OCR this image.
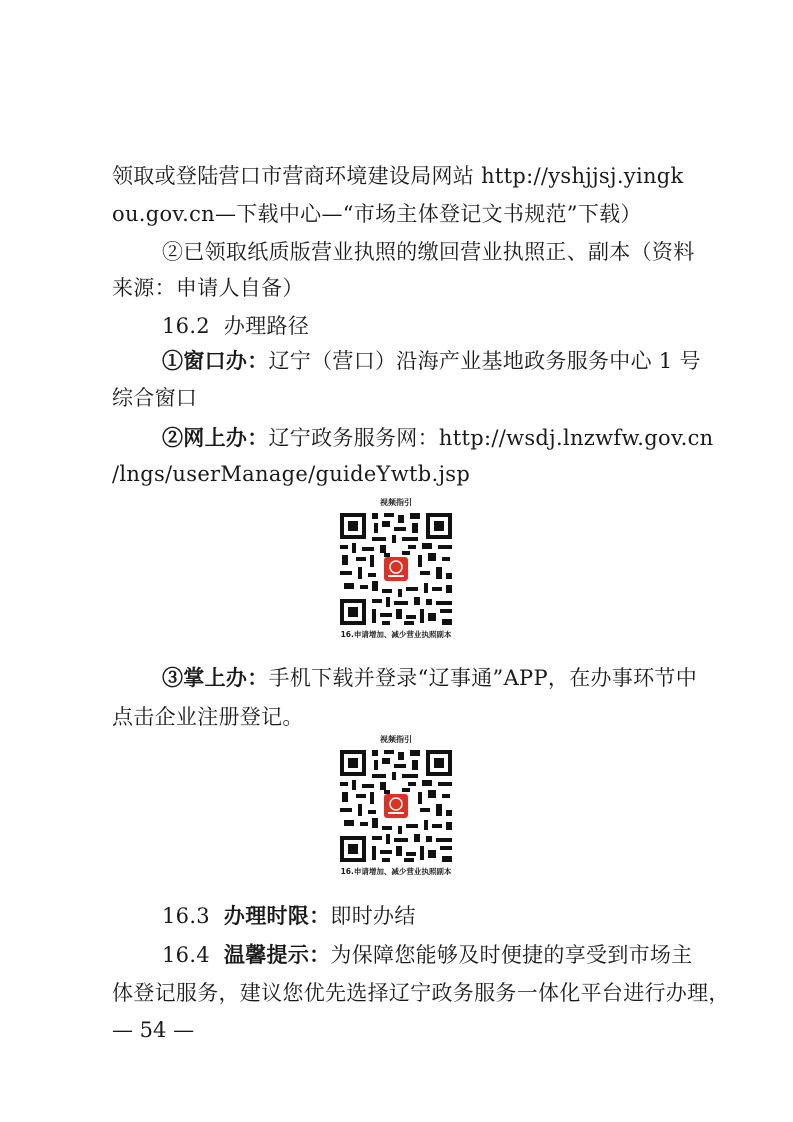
领取或登陆营口市营商环境建设局网站 http://yshjjsj.yingk
ou.gov.cn—下载中心—“市场主体登记文书规范”下载）
②已领取纸质版营业执照的缴回营业执照正、副本（资料
来源：申请人自备）
16.2 办理路径
①窗口办：辽宁（营口）沿海产业基地政务服务中心 1 号
综合窗口
②网上办：辽宁政务服务网：http://wsdj.lnzwfw.gov.cn
/lngs/userManage/guideYwtb.jsp
视频指引
16.申请增加、减少营业执照副本
③掌上办：手机下载并登录“辽事通”APP，在办事环节中
点击企业注册登记。
视频指引
16.申请增加、减少营业执照副本
16.3 办理时限：即时办结
16.4 温馨提示：为保障您能够及时便捷的享受到市场主
体登记服务，建议您优先选择辽宁政务服务一体化平台进行办理，
— 54 —
